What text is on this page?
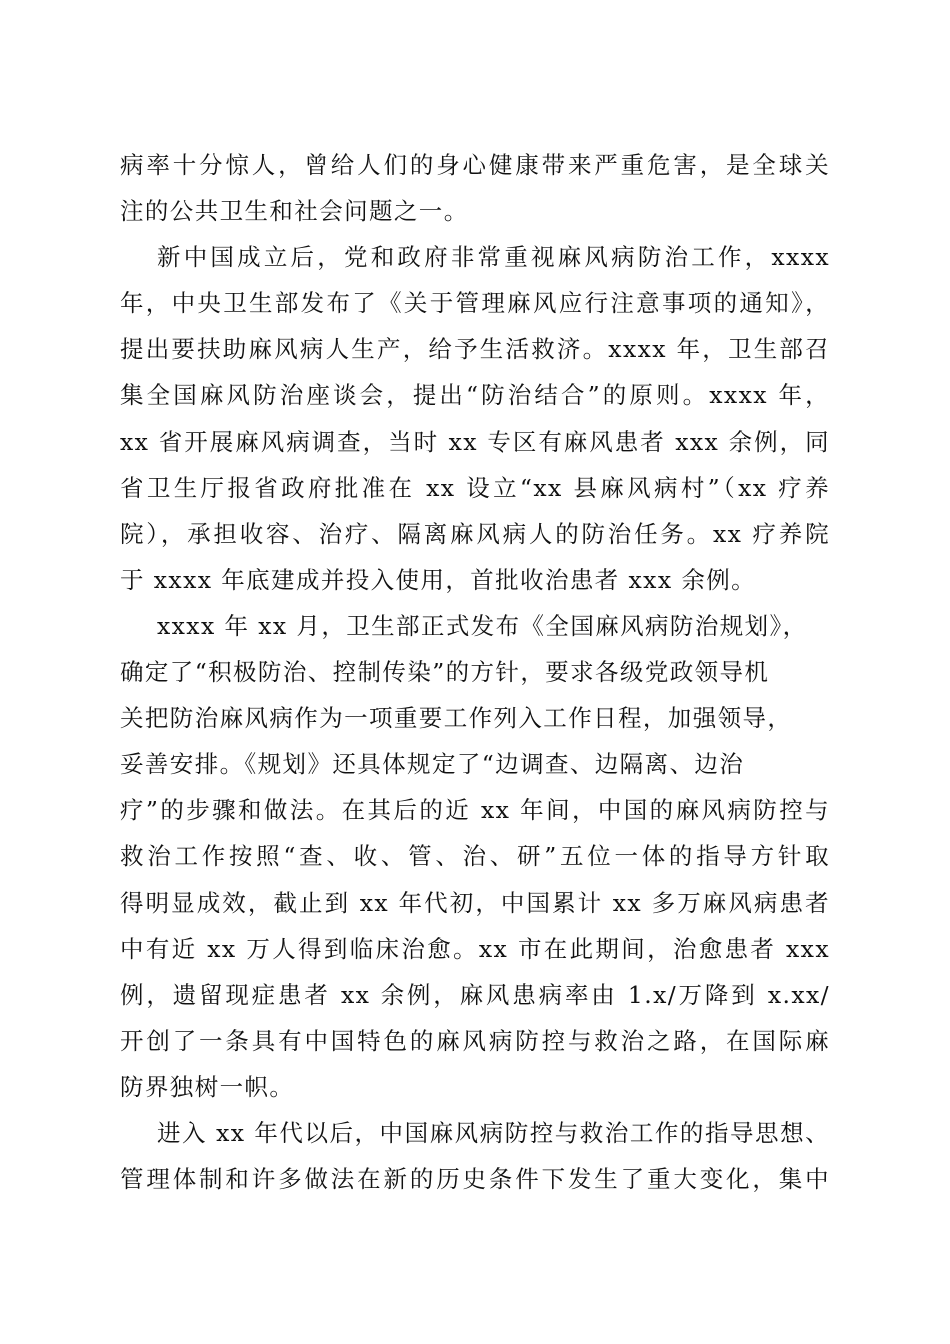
病率十分惊人，曾给人们的身心健康带来严重危害，是全球关
注的公共卫生和社会问题之一。
新中国成立后，党和政府非常重视麻风病防治工作，xxxx
年，中央卫生部发布了《关于管理麻风应行注意事项的通知》，
提出要扶助麻风病人生产，给予生活救济。xxxx 年，卫生部召
集全国麻风防治座谈会，提出“防治结合”的原则。xxxx 年，
xx 省开展麻风病调查，当时 xx 专区有麻风患者 xxx 余例，同
省卫生厅报省政府批准在 xx 设立“xx 县麻风病村”（xx 疗养
院），承担收容、治疗、隔离麻风病人的防治任务。xx 疗养院
于 xxxx 年底建成并投入使用，首批收治患者 xxx 余例。
xxxx 年 xx 月，卫生部正式发布《全国麻风病防治规划》，
确定了“积极防治、控制传染”的方针，要求各级党政领导机
关把防治麻风病作为一项重要工作列入工作日程，加强领导，
妥善安排。《规划》还具体规定了“边调查、边隔离、边治
疗”的步骤和做法。在其后的近 xx 年间，中国的麻风病防控与
救治工作按照“查、收、管、治、研”五位一体的指导方针取
得明显成效，截止到 xx 年代初，中国累计 xx 多万麻风病患者
中有近 xx 万人得到临床治愈。xx 市在此期间，治愈患者 xxx
例，遗留现症患者 xx 余例，麻风患病率由 1.x/万降到 x.xx/
开创了一条具有中国特色的麻风病防控与救治之路，在国际麻
防界独树一帜。
进入 xx 年代以后，中国麻风病防控与救治工作的指导思想、
管理体制和许多做法在新的历史条件下发生了重大变化，集中
